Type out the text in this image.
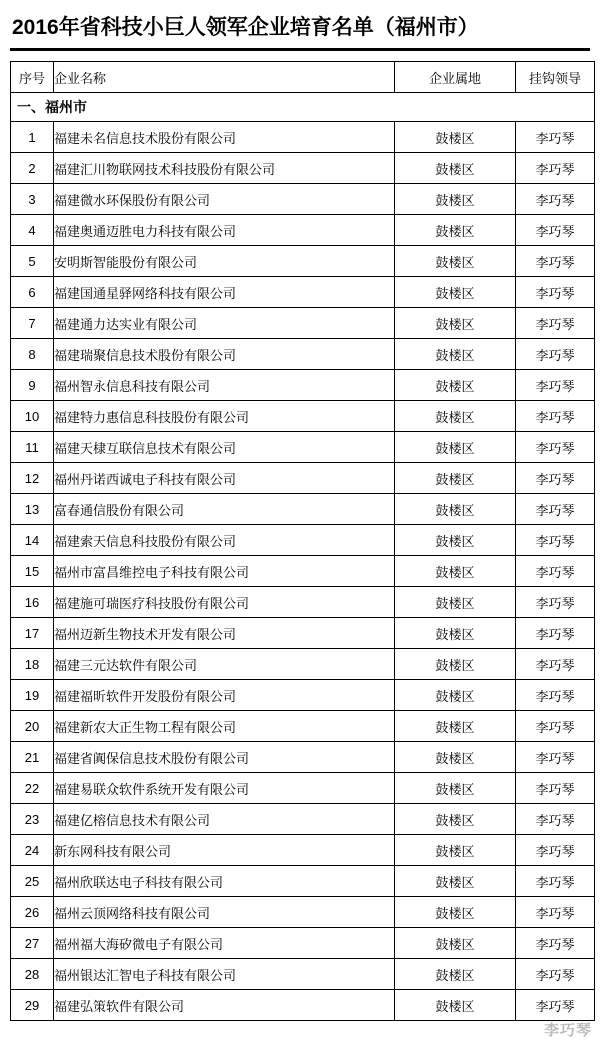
2016年省科技小巨人领军企业培育名单（福州市）
序号	企业名称	企业属地	挂钩领导
一、福州市			
1	福建未名信息技术股份有限公司	鼓楼区	李巧琴
2	福建汇川物联网技术科技股份有限公司	鼓楼区	李巧琴
3	福建微水环保股份有限公司	鼓楼区	李巧琴
4	福建奥通迈胜电力科技有限公司	鼓楼区	李巧琴
5	安明斯智能股份有限公司	鼓楼区	李巧琴
6	福建国通星驿网络科技有限公司	鼓楼区	李巧琴
7	福建通力达实业有限公司	鼓楼区	李巧琴
8	福建瑞聚信息技术股份有限公司	鼓楼区	李巧琴
9	福州智永信息科技有限公司	鼓楼区	李巧琴
10	福建特力惠信息科技股份有限公司	鼓楼区	李巧琴
11	福建天棣互联信息技术有限公司	鼓楼区	李巧琴
12	福州丹诺西诚电子科技有限公司	鼓楼区	李巧琴
13	富春通信股份有限公司	鼓楼区	李巧琴
14	福建索天信息科技股份有限公司	鼓楼区	李巧琴
15	福州市富昌维控电子科技有限公司	鼓楼区	李巧琴
16	福建施可瑞医疗科技股份有限公司	鼓楼区	李巧琴
17	福州迈新生物技术开发有限公司	鼓楼区	李巧琴
18	福建三元达软件有限公司	鼓楼区	李巧琴
19	福建福昕软件开发股份有限公司	鼓楼区	李巧琴
20	福建新农大正生物工程有限公司	鼓楼区	李巧琴
21	福建省阗保信息技术股份有限公司	鼓楼区	李巧琴
22	福建易联众软件系统开发有限公司	鼓楼区	李巧琴
23	福建亿榕信息技术有限公司	鼓楼区	李巧琴
24	新东网科技有限公司	鼓楼区	李巧琴
25	福州欣联达电子科技有限公司	鼓楼区	李巧琴
26	福州云顶网络科技有限公司	鼓楼区	李巧琴
27	福州福大海矽微电子有限公司	鼓楼区	李巧琴
28	福州银达汇智电子科技有限公司	鼓楼区	李巧琴
29	福建弘策软件有限公司	鼓楼区	李巧琴
李巧琴
